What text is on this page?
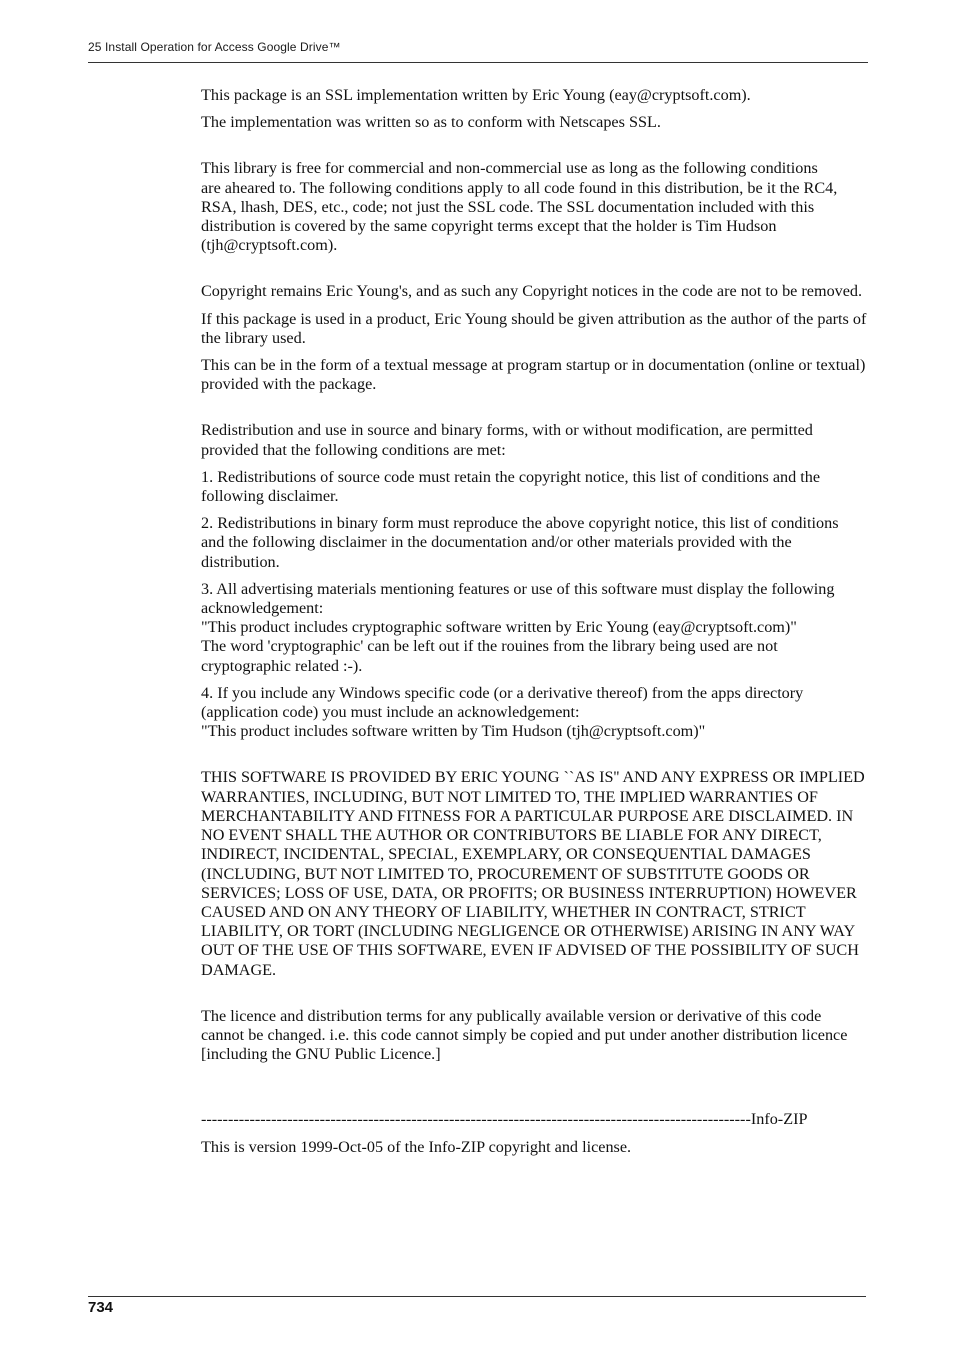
25 Install Operation for Access Google Drive™

This package is an SSL implementation written by Eric Young (eay@cryptsoft.com).

The implementation was written so as to conform with Netscapes SSL.

This library is free for commercial and non-commercial use as long as the following conditions are aheared to. The following conditions apply to all code found in this distribution, be it the RC4, RSA, lhash, DES, etc., code; not just the SSL code. The SSL documentation included with this distribution is covered by the same copyright terms except that the holder is Tim Hudson (tjh@cryptsoft.com).

Copyright remains Eric Young's, and as such any Copyright notices in the code are not to be removed.

If this package is used in a product, Eric Young should be given attribution as the author of the parts of the library used.

This can be in the form of a textual message at program startup or in documentation (online or textual) provided with the package.

Redistribution and use in source and binary forms, with or without modification, are permitted provided that the following conditions are met:

1. Redistributions of source code must retain the copyright notice, this list of conditions and the following disclaimer.

2. Redistributions in binary form must reproduce the above copyright notice, this list of conditions and the following disclaimer in the documentation and/or other materials provided with the distribution.

3. All advertising materials mentioning features or use of this software must display the following acknowledgement:
"This product includes cryptographic software written by Eric Young (eay@cryptsoft.com)"
The word 'cryptographic' can be left out if the rouines from the library being used are not cryptographic related :-).

4. If you include any Windows specific code (or a derivative thereof) from the apps directory (application code) you must include an acknowledgement:
"This product includes software written by Tim Hudson (tjh@cryptsoft.com)"

THIS SOFTWARE IS PROVIDED BY ERIC YOUNG ``AS IS'' AND ANY EXPRESS OR IMPLIED WARRANTIES, INCLUDING, BUT NOT LIMITED TO, THE IMPLIED WARRANTIES OF MERCHANTABILITY AND FITNESS FOR A PARTICULAR PURPOSE ARE DISCLAIMED. IN NO EVENT SHALL THE AUTHOR OR CONTRIBUTORS BE LIABLE FOR ANY DIRECT, INDIRECT, INCIDENTAL, SPECIAL, EXEMPLARY, OR CONSEQUENTIAL DAMAGES (INCLUDING, BUT NOT LIMITED TO, PROCUREMENT OF SUBSTITUTE GOODS OR SERVICES; LOSS OF USE, DATA, OR PROFITS; OR BUSINESS INTERRUPTION) HOWEVER CAUSED AND ON ANY THEORY OF LIABILITY, WHETHER IN CONTRACT, STRICT LIABILITY, OR TORT (INCLUDING NEGLIGENCE OR OTHERWISE) ARISING IN ANY WAY OUT OF THE USE OF THIS SOFTWARE, EVEN IF ADVISED OF THE POSSIBILITY OF SUCH DAMAGE.

The licence and distribution terms for any publically available version or derivative of this code cannot be changed. i.e. this code cannot simply be copied and put under another distribution licence [including the GNU Public Licence.]

------------------------------------------------------------------------------------------------------Info-ZIP

This is version 1999-Oct-05 of the Info-ZIP copyright and license.

734
